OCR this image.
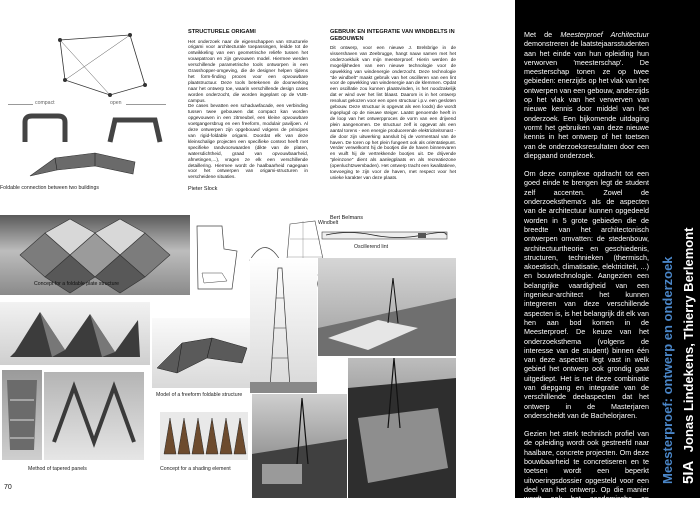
compact	open
Foldable connection between two buildings
STRUCTURELE ORIGAMI
Het onderzoek naar de eigenschappen van structurele origami voor architecturale toepassingen, leidde tot de ontwikkeling van een geometrische reliëfe tussen het vouwpatroon en zijn gevouwen model. Hiermee werden verschillende parametrische tools ontworpen in een Grasshopper-omgeving, die de designer helpen tijdens het form-finding proces voor een opvouwbare plaatstructuur. Deze tools betekenen de doorwerking naar het ontwerp toe, waarin verschillende design cases worden onderzocht, die worden ingeplant op de VUB-campus.
De cases bevatten een schaduwfacade, een verbinding tussen twee gebouwen dat compact kan worden opgevouwen in een zitmeubel, een kleine opvouwbare voetgangersbrug en een freeform, modulair paviljoen. Al deze ontwerpen zijn opgebouwd volgens de principes van rigid-foldable origami. Doordat elk van deze kleinschalige projecten een specifieke context heeft met specifieke randvoorwaarden (dikte van de platen, watersdichtheid, graad van opvouwbaarheid, afmetingen,...), vragen ze elk een verschillende detaillering. Hiermee wordt de haalbaarheid nagegaan voor het ontwerpen van origami-structuren in verscheidene situaties.
Pieter Slock
GEBRUIK EN INTEGRATIE VAN WINDBELTS IN GEBOUWEN
Dit ontwerp, voor een nieuwe J. Brelsbrige in de vissershaven van Zeebrugge, hangt nauw samen met het onderzoekluik van mijn meesterproef. Hierin werden de mogelijkheden van een nieuwe technologie voor de opwekking van windenergie onderzocht. Deze technologie "de windbelt" maakt gebruik van het oscilleren van een lint voor de opwekking van windenergie aan de klemmen. Opdat een oscillatie zou kunnen plaatsvinden, is het noodzakelijk dat er wind over het lint blaast. Daarom is in het ontwerp resoluut gekozen voor een open structuur i.p.v. een gesloten gebouw. Deze structuur is opgevat als een loods) die wordt ingeplugd op de nieuwe steiger. Laatst genoemde heeft in de loop van het ontwerpproces de vorm van een drijvend plein aangenomen. De structuur zelf is opgevat als een aantal torens - een energie producerende elektriciteitsmast - die door zijn uitwerking aansluit bij de vormentaal van de haven. De toren op het plein fungeert ook als oriëntatiepunt. Verder verwelkomt hij de bootjes die de haven binnenvaren en wuift hij de vertrekkende bootjes uit. De drijvende "pleinzone" dient als aanlegplaats en als recreatiezone (openluchtzwembaden). Het ontwerp tracht een kwalitatieve, toevoeging te zijn voor de haven, met respect voor het unieke karakter van deze plaats.
Bert Belmans
Concept for a foldable plate structure
Model of a freeform foldable structure
Method of tapered panels	Concept for a shading element
Windbelt
Oscillerend lint

Met de Meesterproef Architectuur demonstreren de laatstejaarsstudenten aan het einde van hun opleiding hun verworven 'meesterschap'. De meesterschap tonen ze op twee gebieden: enerzijds op het vlak van het ontwerpen van een gebouw, anderzijds op het vlak van het verwerven van nieuwe kennis door middel van het onderzoek. Een bijkomende uitdaging vormt het gebruiken van deze nieuwe kennis in het ontwerp of het toetsen van de onderzoeksresultaten door een diepgaand onderzoek.

Om deze complexe opdracht tot een goed einde te brengen legt de student zelf accenten. Zowel de onderzoeksthema's als de aspecten van de architectuur kunnen opgedeeld worden in 5 grote gebieden die de breedte van het architectonisch ontwerpen omvatten: de stedenbouw, architectuurtheorie en geschiedenis, structuren, technieken (thermisch, akoestisch, climatisatie, elektriciteit, ...) en bouwtechnologie. Aangezien een belangrijke vaardigheid van een ingenieur-architect het kunnen integreren van deze verschillende aspecten is, is het belangrijk dit elk van hen aan bod komen in de Meesterproef. De keuze van het onderzoeksthema (volgens de interesse van de student) binnen één van deze aspecten legt vast in welk gebied het ontwerp ook grondig gaat uitgediept. Het is net deze combinatie van diepgang en integratie van de verschillende deelaspecten dat het ontwerp in de Masterjaren onderscheidt van de Bachelorjaren.

Gezien het sterk technisch profiel van de opleiding wordt ook gestreefd naar haalbare, concrete projecten. Om deze bouwbaarheid te concretiseren en te toetsen wordt een beperkt uitvoeringsdossier opgesteld voor een deel van het ontwerp. Op die manier wordt ook het academische en professionele met elkaar verweven.

Meesterproef: ontwerp en onderzoek 5IA Jonas Lindekens, Thierry Berlemont
70
